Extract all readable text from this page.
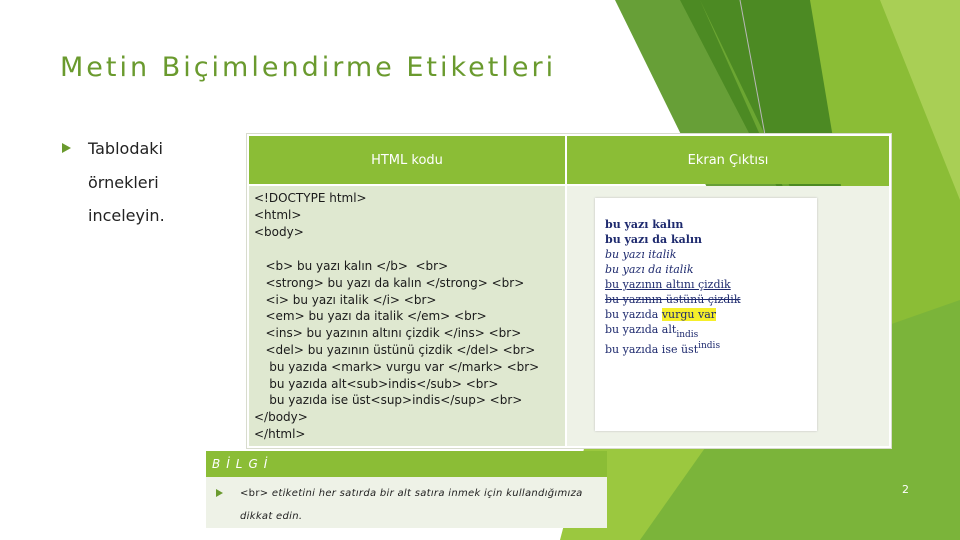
Metin Biçimlendirme Etiketleri
Tablodaki
örnekleri
inceleyin.
HTML kodu	Ekran Çıktısı
<!DOCTYPE html>
<html>
<body>
<b> bu yazı kalın </b>  <br>
<strong> bu yazı da kalın </strong> <br>
<i> bu yazı italik </i> <br>
<em> bu yazı da italik </em> <br>
<ins> bu yazının altını çizdik </ins> <br>
<del> bu yazının üstünü çizdik </del> <br>
bu yazıda <mark> vurgu var </mark> <br>
bu yazıda alt<sub>indis</sub> <br>
bu yazıda ise üst<sup>indis</sup> <br>
</body>
</html>
bu yazı kalın
bu yazı da kalın
bu yazı italik
bu yazı da italik
bu yazının altını çizdik
bu yazının üstünü çizdik
bu yazıda vurgu var
bu yazıda alt$_{indis}$
bu yazıda ise üst$^{indis}$
BİLGİ
<br> etiketini her satırda bir alt satıra inmek için kullandığımıza
dikkat edin.
2
